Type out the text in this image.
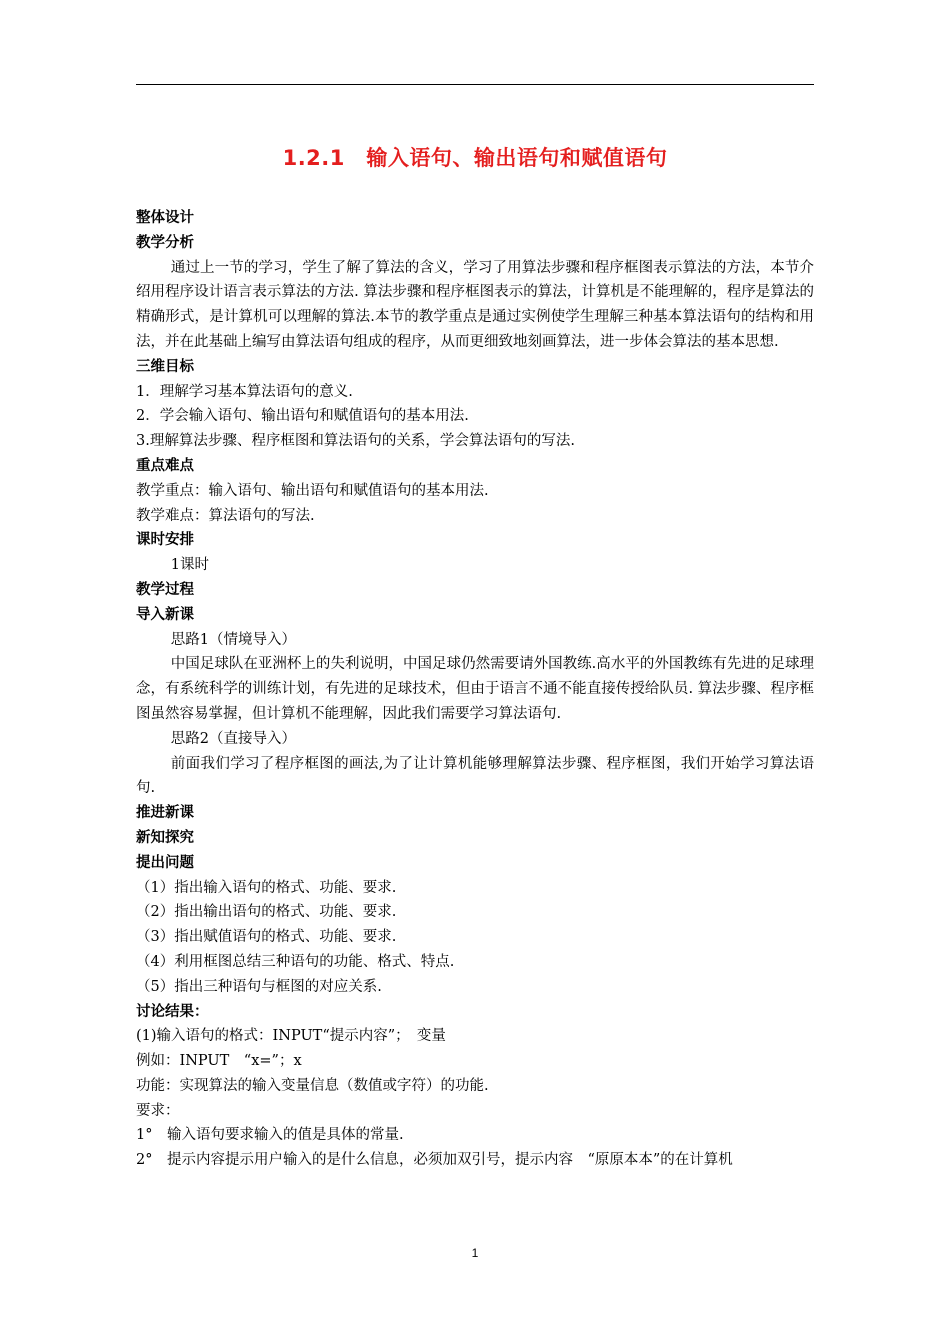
1.2.1　输入语句、输出语句和赋值语句

整体设计

教学分析

通过上一节的学习，学生了解了算法的含义，学习了用算法步骤和程序框图表示算法的方法，本节介绍用程序设计语言表示算法的方法. 算法步骤和程序框图表示的算法，计算机是不能理解的，程序是算法的精确形式，是计算机可以理解的算法.本节的教学重点是通过实例使学生理解三种基本算法语句的结构和用法，并在此基础上编写由算法语句组成的程序，从而更细致地刻画算法，进一步体会算法的基本思想.

三维目标

1．理解学习基本算法语句的意义.

2．学会输入语句、输出语句和赋值语句的基本用法.

3.理解算法步骤、程序框图和算法语句的关系，学会算法语句的写法.

重点难点

教学重点：输入语句、输出语句和赋值语句的基本用法.

教学难点：算法语句的写法.

课时安排

1课时

教学过程

导入新课

思路1（情境导入）

中国足球队在亚洲杯上的失利说明，中国足球仍然需要请外国教练.高水平的外国教练有先进的足球理念，有系统科学的训练计划，有先进的足球技术，但由于语言不通不能直接传授给队员. 算法步骤、程序框图虽然容易掌握，但计算机不能理解，因此我们需要学习算法语句.

思路2（直接导入）

前面我们学习了程序框图的画法,为了让计算机能够理解算法步骤、程序框图，我们开始学习算法语句.

推进新课

新知探究

提出问题

（1）指出输入语句的格式、功能、要求.

（2）指出输出语句的格式、功能、要求.

（3）指出赋值语句的格式、功能、要求.

（4）利用框图总结三种语句的功能、格式、特点.

（5）指出三种语句与框图的对应关系.

讨论结果：

(1)输入语句的格式：INPUT“提示内容”；　变量

例如：INPUT　“x=”；x

功能：实现算法的输入变量信息（数值或字符）的功能.

要求：

1°　输入语句要求输入的值是具体的常量.

2°　提示内容提示用户输入的是什么信息，必须加双引号，提示内容　“原原本本”的在计算机

1
